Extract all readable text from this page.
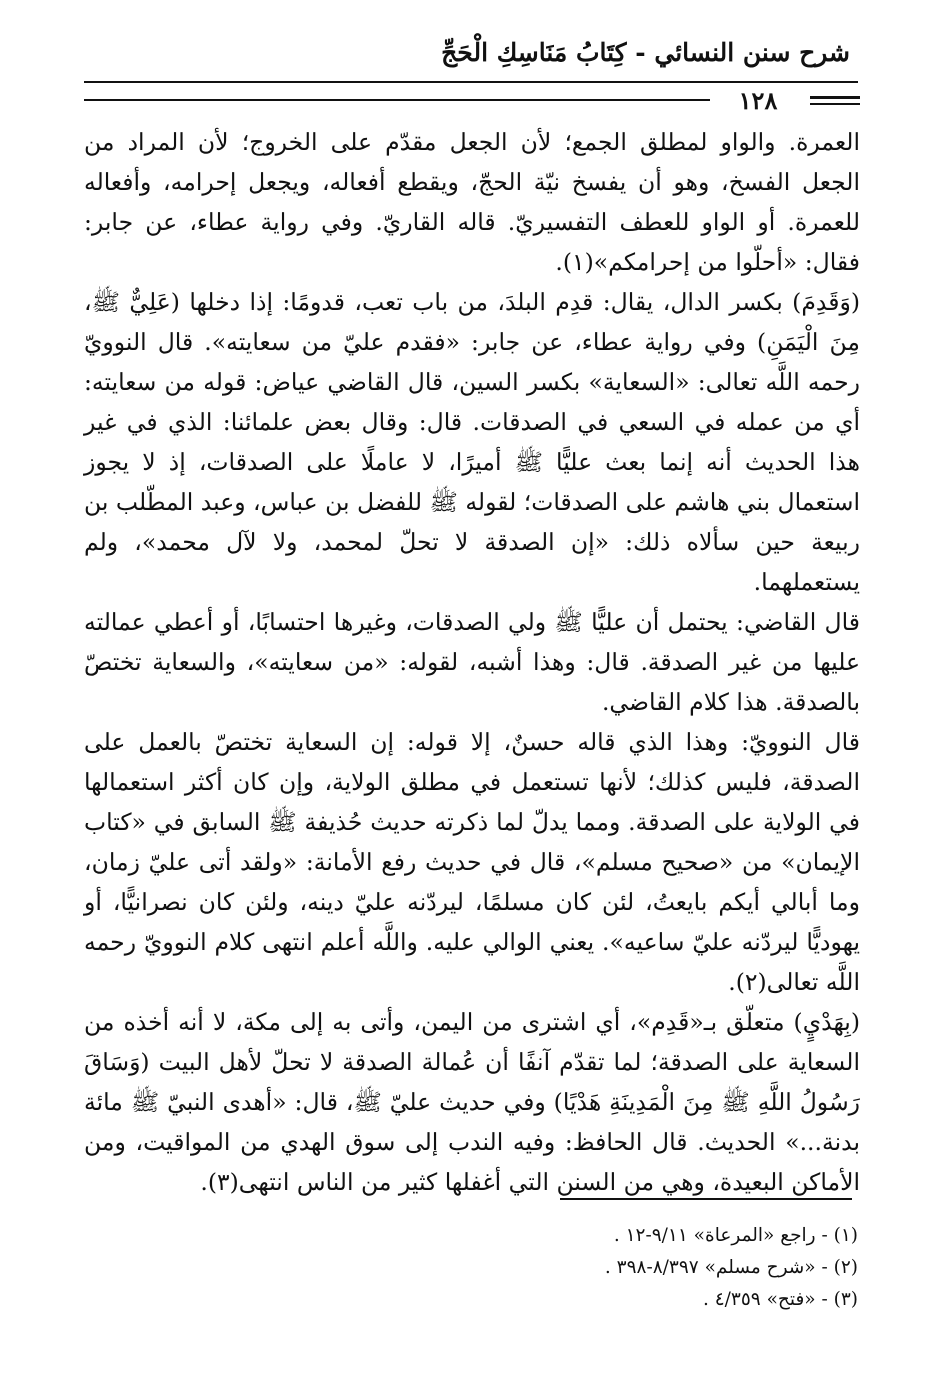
شرح سنن النسائي - كِتَابُ مَنَاسِكِ الْحَجِّ
١٢٨

العمرة. والواو لمطلق الجمع؛ لأن الجعل مقدّم على الخروج؛ لأن المراد من الجعل الفسخ، وهو أن يفسخ نيّة الحجّ، ويقطع أفعاله، ويجعل إحرامه، وأفعاله للعمرة. أو الواو للعطف التفسيريّ. قاله القاريّ. وفي رواية عطاء، عن جابر: فقال: «أحلّوا من إحرامكم»(١).

(وَقَدِمَ) بكسر الدال، يقال: قدِم البلدَ، من باب تعب، قدومًا: إذا دخلها (عَلِيٌّ ﷺ، مِنَ الْيَمَنِ) وفي رواية عطاء، عن جابر: «فقدم عليّ من سعايته». قال النوويّ رحمه اللَّه تعالى: «السعاية» بكسر السين، قال القاضي عياض: قوله من سعايته: أي من عمله في السعي في الصدقات. قال: وقال بعض علمائنا: الذي في غير هذا الحديث أنه إنما بعث عليًّا ﷺ أميرًا، لا عاملًا على الصدقات، إذ لا يجوز استعمال بني هاشم على الصدقات؛ لقوله ﷺ للفضل بن عباس، وعبد المطّلب بن ربيعة حين سألاه ذلك: «إن الصدقة لا تحلّ لمحمد، ولا لآل محمد»، ولم يستعملهما.

قال القاضي: يحتمل أن عليًّا ﷺ ولي الصدقات، وغيرها احتسابًا، أو أعطي عمالته عليها من غير الصدقة. قال: وهذا أشبه، لقوله: «من سعايته»، والسعاية تختصّ بالصدقة. هذا كلام القاضي.

قال النوويّ: وهذا الذي قاله حسنٌ، إلا قوله: إن السعاية تختصّ بالعمل على الصدقة، فليس كذلك؛ لأنها تستعمل في مطلق الولاية، وإن كان أكثر استعمالها في الولاية على الصدقة. ومما يدلّ لما ذكرته حديث حُذيفة ﷺ السابق في «كتاب الإيمان» من «صحيح مسلم»، قال في حديث رفع الأمانة: «ولقد أتى عليّ زمان، وما أبالي أيكم بايعتُ، لئن كان مسلمًا، ليردّنه عليّ دينه، ولئن كان نصرانيًّا، أو يهوديًّا ليردّنه عليّ ساعيه». يعني الوالي عليه. واللَّه أعلم انتهى كلام النوويّ رحمه اللَّه تعالى(٢).

(بِهَدْيٍ) متعلّق بـ«قَدِم»، أي اشترى من اليمن، وأتى به إلى مكة، لا أنه أخذه من السعاية على الصدقة؛ لما تقدّم آنفًا أن عُمالة الصدقة لا تحلّ لأهل البيت (وَسَاقَ رَسُولُ اللَّهِ ﷺ مِنَ الْمَدِينَةِ هَدْيًا) وفي حديث عليّ ﷺ، قال: «أهدى النبيّ ﷺ مائة بدنة...» الحديث. قال الحافظ: وفيه الندب إلى سوق الهدي من المواقيت، ومن الأماكن البعيدة، وهي من السنن التي أغفلها كثير من الناس انتهى(٣).

(١) - راجع «المرعاة» ٩/١١-١٢ .

(٢) - «شرح مسلم» ٨/٣٩٧-٣٩٨ .

(٣) - «فتح» ٤/٣٥٩ .
